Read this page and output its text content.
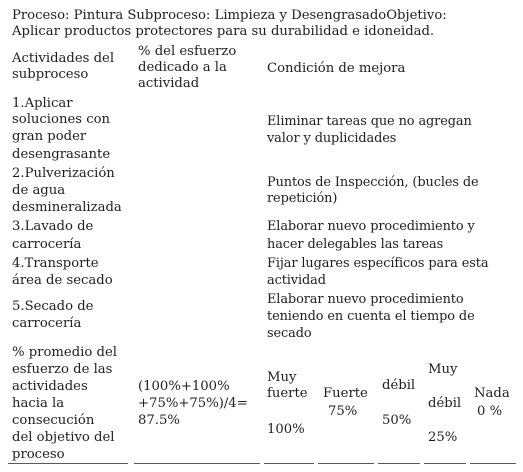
Proceso: Pintura Subproceso: Limpieza y DesengrasadoObjetivo:
Aplicar productos protectores para su durabilidad e idoneidad.
Actividades del
subproceso
% del esfuerzo
dedicado a la
actividad
Condición de mejora
1.Aplicar
soluciones con
gran poder
desengrasante
Eliminar tareas que no agregan
valor y duplicidades
2.Pulverización
de agua
desmineralizada
Puntos de Inspección, (bucles de
repetición)
3.Lavado de
carrocería
Elaborar nuevo procedimiento y
hacer delegables las tareas
4.Transporte
área de secado
Fijar lugares específicos para esta
actividad
5.Secado de
carrocería
Elaborar nuevo procedimiento
teniendo en cuenta el tiempo de
secado
% promedio del
esfuerzo de las
actividades
hacia la
consecución
del objetivo del
proceso
(100%+100%
+75%+75%)/4=
87.5%
Muy
fuerte
100%
Fuerte
75%
débil
50%
Muy
débil
25%
Nada
0 %
